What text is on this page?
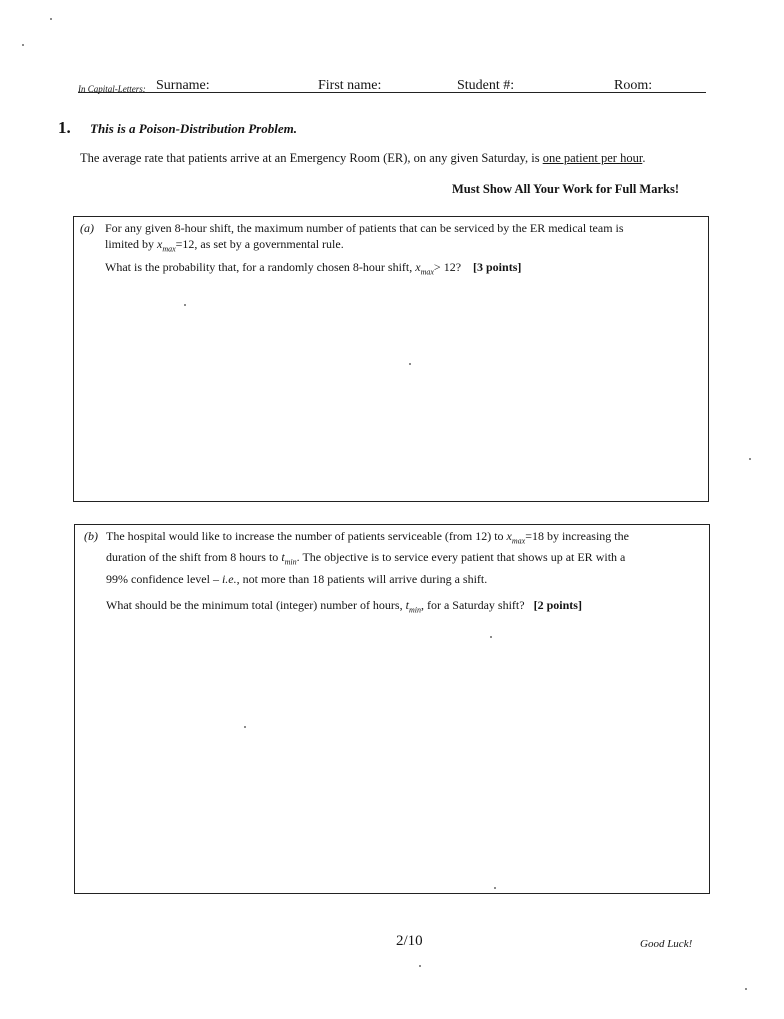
In Capital-Letters: Surname:	First name:	Student #:	Room:
1. This is a Poison-Distribution Problem.
The average rate that patients arrive at an Emergency Room (ER), on any given Saturday, is one patient per hour.
Must Show All Your Work for Full Marks!
(a) For any given 8-hour shift, the maximum number of patients that can be serviced by the ER medical team is
limited by $x_{max}=12$, as set by a governmental rule.
What is the probability that, for a randomly chosen 8-hour shift, $x_{max}> 12$? [3 points]
(b) The hospital would like to increase the number of patients serviceable (from 12) to $x_{max}=18$ by increasing the
duration of the shift from 8 hours to $t_{min}$. The objective is to service every patient that shows up at ER with a
99% confidence level – i.e., not more than 18 patients will arrive during a shift.
What should be the minimum total (integer) number of hours, $t_{min}$, for a Saturday shift? [2 points]
2/10	Good Luck!
